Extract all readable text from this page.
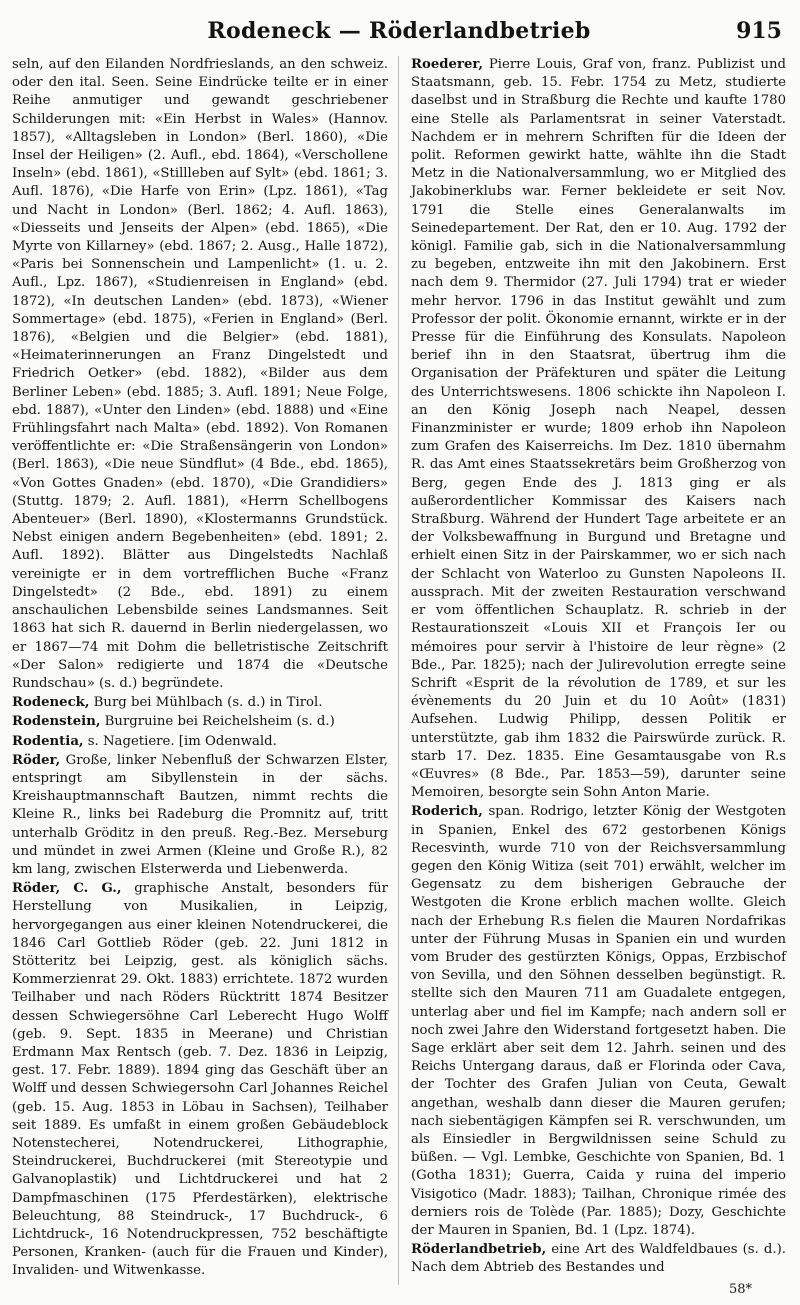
Rodeneck — Röderlandbetrieb	915

seln, auf den Eilanden Nordfrieslands, an den schweiz. oder den ital. Seen. Seine Eindrücke teilte er in einer Reihe anmutiger und gewandt geschriebener Schilderungen mit: «Ein Herbst in Wales» (Hannov. 1857), «Alltagsleben in London» (Berl. 1860), «Die Insel der Heiligen» (2. Aufl., ebd. 1864), «Verschollene Inseln» (ebd. 1861), «Stillleben auf Sylt» (ebd. 1861; 3. Aufl. 1876), «Die Harfe von Erin» (Lpz. 1861), «Tag und Nacht in London» (Berl. 1862; 4. Aufl. 1863), «Diesseits und Jenseits der Alpen» (ebd. 1865), «Die Myrte von Killarney» (ebd. 1867; 2. Ausg., Halle 1872), «Paris bei Sonnenschein und Lampenlicht» (1. u. 2. Aufl., Lpz. 1867), «Studienreisen in England» (ebd. 1872), «In deutschen Landen» (ebd. 1873), «Wiener Sommertage» (ebd. 1875), «Ferien in England» (Berl. 1876), «Belgien und die Belgier» (ebd. 1881), «Heimaterinnerungen an Franz Dingelstedt und Friedrich Oetker» (ebd. 1882), «Bilder aus dem Berliner Leben» (ebd. 1885; 3. Aufl. 1891; Neue Folge, ebd. 1887), «Unter den Linden» (ebd. 1888) und «Eine Frühlingsfahrt nach Malta» (ebd. 1892). Von Romanen veröffentlichte er: «Die Straßensängerin von London» (Berl. 1863), «Die neue Sündflut» (4 Bde., ebd. 1865), «Von Gottes Gnaden» (ebd. 1870), «Die Grandidiers» (Stuttg. 1879; 2. Aufl. 1881), «Herrn Schellbogens Abenteuer» (Berl. 1890), «Klostermanns Grundstück. Nebst einigen andern Begebenheiten» (ebd. 1891; 2. Aufl. 1892). Blätter aus Dingelstedts Nachlaß vereinigte er in dem vortrefflichen Buche «Franz Dingelstedt» (2 Bde., ebd. 1891) zu einem anschaulichen Lebensbilde seines Landsmannes. Seit 1863 hat sich R. dauernd in Berlin niedergelassen, wo er 1867—74 mit Dohm die belletristische Zeitschrift «Der Salon» redigierte und 1874 die «Deutsche Rundschau» (s. d.) begründete.

Rodeneck, Burg bei Mühlbach (s. d.) in Tirol.

Rodenstein, Burgruine bei Reichelsheim (s. d.)

Rodentia, s. Nagetiere. [im Odenwald.

Röder, Große, linker Nebenfluß der Schwarzen Elster, entspringt am Sibyllenstein in der sächs. Kreishauptmannschaft Bautzen, nimmt rechts die Kleine R., links bei Radeburg die Promnitz auf, tritt unterhalb Gröditz in den preuß. Reg.-Bez. Merseburg und mündet in zwei Armen (Kleine und Große R.), 82 km lang, zwischen Elsterwerda und Liebenwerda.

Röder, C. G., graphische Anstalt, besonders für Herstellung von Musikalien, in Leipzig, hervorgegangen aus einer kleinen Notendruckerei, die 1846 Carl Gottlieb Röder (geb. 22. Juni 1812 in Stötteritz bei Leipzig, gest. als königlich sächs. Kommerzienrat 29. Okt. 1883) errichtete. 1872 wurden Teilhaber und nach Röders Rücktritt 1874 Besitzer dessen Schwiegersöhne Carl Leberecht Hugo Wolff (geb. 9. Sept. 1835 in Meerane) und Christian Erdmann Max Rentsch (geb. 7. Dez. 1836 in Leipzig, gest. 17. Febr. 1889). 1894 ging das Geschäft über an Wolff und dessen Schwiegersohn Carl Johannes Reichel (geb. 15. Aug. 1853 in Löbau in Sachsen), Teilhaber seit 1889. Es umfaßt in einem großen Gebäudeblock Notenstecherei, Notendruckerei, Lithographie, Steindruckerei, Buchdruckerei (mit Stereotypie und Galvanoplastik) und Lichtdruckerei und hat 2 Dampfmaschinen (175 Pferdestärken), elektrische Beleuchtung, 88 Steindruck-, 17 Buchdruck-, 6 Lichtdruck-, 16 Notendruckpressen, 752 beschäftigte Personen, Kranken- (auch für die Frauen und Kinder), Invaliden- und Witwenkasse.

Roederer, Pierre Louis, Graf von, franz. Publizist und Staatsmann, geb. 15. Febr. 1754 zu Metz, studierte daselbst und in Straßburg die Rechte und kaufte 1780 eine Stelle als Parlamentsrat in seiner Vaterstadt. Nachdem er in mehrern Schriften für die Ideen der polit. Reformen gewirkt hatte, wählte ihn die Stadt Metz in die Nationalversammlung, wo er Mitglied des Jakobinerklubs war. Ferner bekleidete er seit Nov. 1791 die Stelle eines Generalanwalts im Seinedepartement. Der Rat, den er 10. Aug. 1792 der königl. Familie gab, sich in die Nationalversammlung zu begeben, entzweite ihn mit den Jakobinern. Erst nach dem 9. Thermidor (27. Juli 1794) trat er wieder mehr hervor. 1796 in das Institut gewählt und zum Professor der polit. Ökonomie ernannt, wirkte er in der Presse für die Einführung des Konsulats. Napoleon berief ihn in den Staatsrat, übertrug ihm die Organisation der Präfekturen und später die Leitung des Unterrichtswesens. 1806 schickte ihn Napoleon I. an den König Joseph nach Neapel, dessen Finanzminister er wurde; 1809 erhob ihn Napoleon zum Grafen des Kaiserreichs. Im Dez. 1810 übernahm R. das Amt eines Staatssekretärs beim Großherzog von Berg, gegen Ende des J. 1813 ging er als außerordentlicher Kommissar des Kaisers nach Straßburg. Während der Hundert Tage arbeitete er an der Volksbewaffnung in Burgund und Bretagne und erhielt einen Sitz in der Pairskammer, wo er sich nach der Schlacht von Waterloo zu Gunsten Napoleons II. aussprach. Mit der zweiten Restauration verschwand er vom öffentlichen Schauplatz. R. schrieb in der Restaurationszeit «Louis XII et François Ier ou mémoires pour servir à l'histoire de leur règne» (2 Bde., Par. 1825); nach der Julirevolution erregte seine Schrift «Esprit de la révolution de 1789, et sur les évènements du 20 Juin et du 10 Août» (1831) Aufsehen. Ludwig Philipp, dessen Politik er unterstützte, gab ihm 1832 die Pairswürde zurück. R. starb 17. Dez. 1835. Eine Gesamtausgabe von R.s «Œuvres» (8 Bde., Par. 1853—59), darunter seine Memoiren, besorgte sein Sohn Anton Marie.

Roderich, span. Rodrigo, letzter König der Westgoten in Spanien, Enkel des 672 gestorbenen Königs Recesvinth, wurde 710 von der Reichsversammlung gegen den König Witiza (seit 701) erwählt, welcher im Gegensatz zu dem bisherigen Gebrauche der Westgoten die Krone erblich machen wollte. Gleich nach der Erhebung R.s fielen die Mauren Nordafrikas unter der Führung Musas in Spanien ein und wurden vom Bruder des gestürzten Königs, Oppas, Erzbischof von Sevilla, und den Söhnen desselben begünstigt. R. stellte sich den Mauren 711 am Guadalete entgegen, unterlag aber und fiel im Kampfe; nach andern soll er noch zwei Jahre den Widerstand fortgesetzt haben. Die Sage erklärt aber seit dem 12. Jahrh. seinen und des Reichs Untergang daraus, daß er Florinda oder Cava, der Tochter des Grafen Julian von Ceuta, Gewalt angethan, weshalb dann dieser die Mauren gerufen; nach siebentägigen Kämpfen sei R. verschwunden, um als Einsiedler in Bergwildnissen seine Schuld zu büßen. — Vgl. Lembke, Geschichte von Spanien, Bd. 1 (Gotha 1831); Guerra, Caida y ruina del imperio Visigotico (Madr. 1883); Tailhan, Chronique rimée des derniers rois de Tolède (Par. 1885); Dozy, Geschichte der Mauren in Spanien, Bd. 1 (Lpz. 1874).

Röderlandbetrieb, eine Art des Waldfeldbaues (s. d.). Nach dem Abtrieb des Bestandes und

58*
